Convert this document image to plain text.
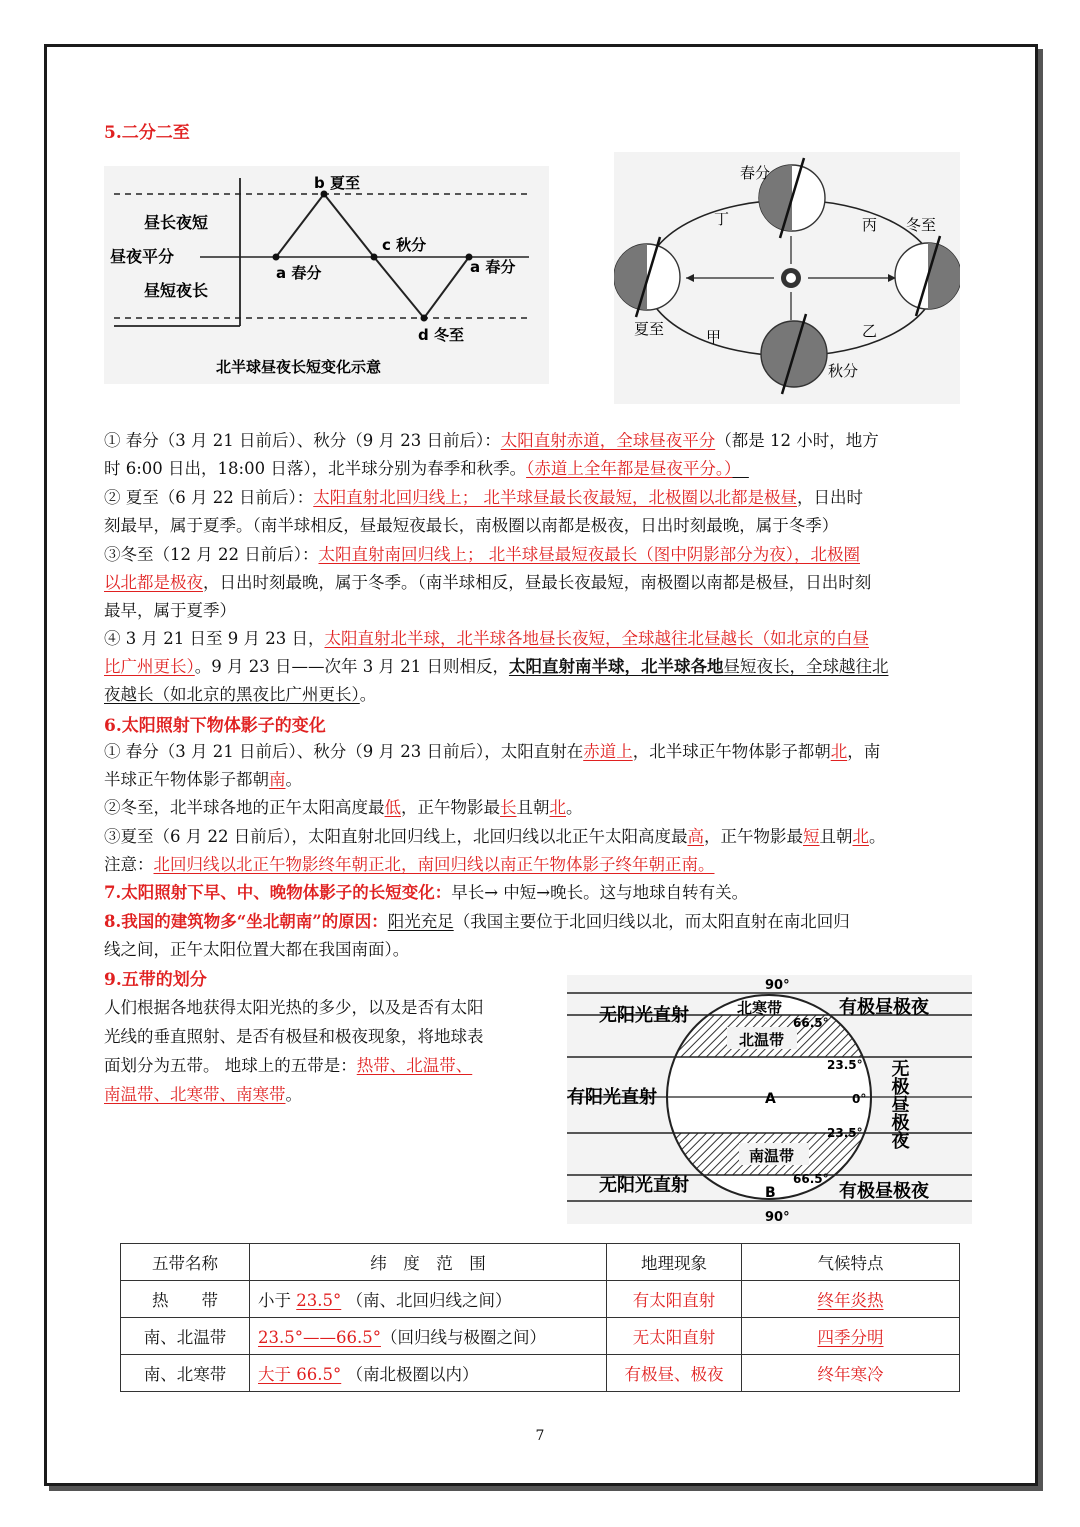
5.二分二至
昼长夜短
昼夜平分
昼短夜长
b 夏至
c 秋分
a 春分	a 春分
d 冬至
北半球昼夜长短变化示意
春分
夏至
秋分
冬至
丁	丙
甲	乙
① 春分（3 月 21 日前后）、秋分（9 月 23 日前后）：太阳直射赤道，全球昼夜平分（都是 12 小时，地方
时 6:00 日出，18:00 日落），北半球分别为春季和秋季。（赤道上全年都是昼夜平分。）　
② 夏至（6 月 22 日前后）：太阳直射北回归线上； 北半球昼最长夜最短，北极圈以北都是极昼，日出时
刻最早，属于夏季。（南半球相反，昼最短夜最长，南极圈以南都是极夜，日出时刻最晚，属于冬季）
③冬至（12 月 22 日前后）：太阳直射南回归线上； 北半球昼最短夜最长（图中阴影部分为夜），北极圈
以北都是极夜，日出时刻最晚，属于冬季。（南半球相反，昼最长夜最短，南极圈以南都是极昼，日出时刻
最早，属于夏季）
④ 3 月 21 日至 9 月 23 日，太阳直射北半球，北半球各地昼长夜短，全球越往北昼越长（如北京的白昼
比广州更长）。9 月 23 日——次年 3 月 21 日则相反，太阳直射南半球，北半球各地昼短夜长，全球越往北
夜越长（如北京的黑夜比广州更长）。
6.太阳照射下物体影子的变化
① 春分（3 月 21 日前后）、秋分（9 月 23 日前后），太阳直射在赤道上，北半球正午物体影子都朝北，南
半球正午物体影子都朝南。
②冬至，北半球各地的正午太阳高度最低，正午物影最长且朝北。
③夏至（6 月 22 日前后），太阳直射北回归线上，北回归线以北正午太阳高度最高，正午物影最短且朝北。
注意：北回归线以北正午物影终年朝正北，南回归线以南正午物体影子终年朝正南。
7.太阳照射下早、中、晚物体影子的长短变化：早长→ 中短→晚长。这与地球自转有关。
8.我国的建筑物多“坐北朝南”的原因：阳光充足（我国主要位于北回归线以北，而太阳直射在南北回归
线之间，正午太阳位置大都在我国南面）。
9.五带的划分
人们根据各地获得太阳光热的多少，以及是否有太阳
光线的垂直照射、是否有极昼和极夜现象，将地球表
面划分为五带。 地球上的五带是：热带、北温带、
南温带、北寒带、南寒带。
90°
90°
无阳光直射
有阳光直射
无阳光直射
有极昼极夜
有极昼极夜
北寒带
北温带
南温带
66.5°
23.5°
0°
23.5°
66.5°
A
B
无极昼极夜
五带名称	纬　度　范　围	地理现象	气候特点
热　　带	小于 23.5° （南、北回归线之间）	有太阳直射	终年炎热
南、北温带	23.5°——66.5°（回归线与极圈之间）	无太阳直射	四季分明
南、北寒带	大于 66.5° （南北极圈以内）	有极昼、极夜	终年寒冷
7
